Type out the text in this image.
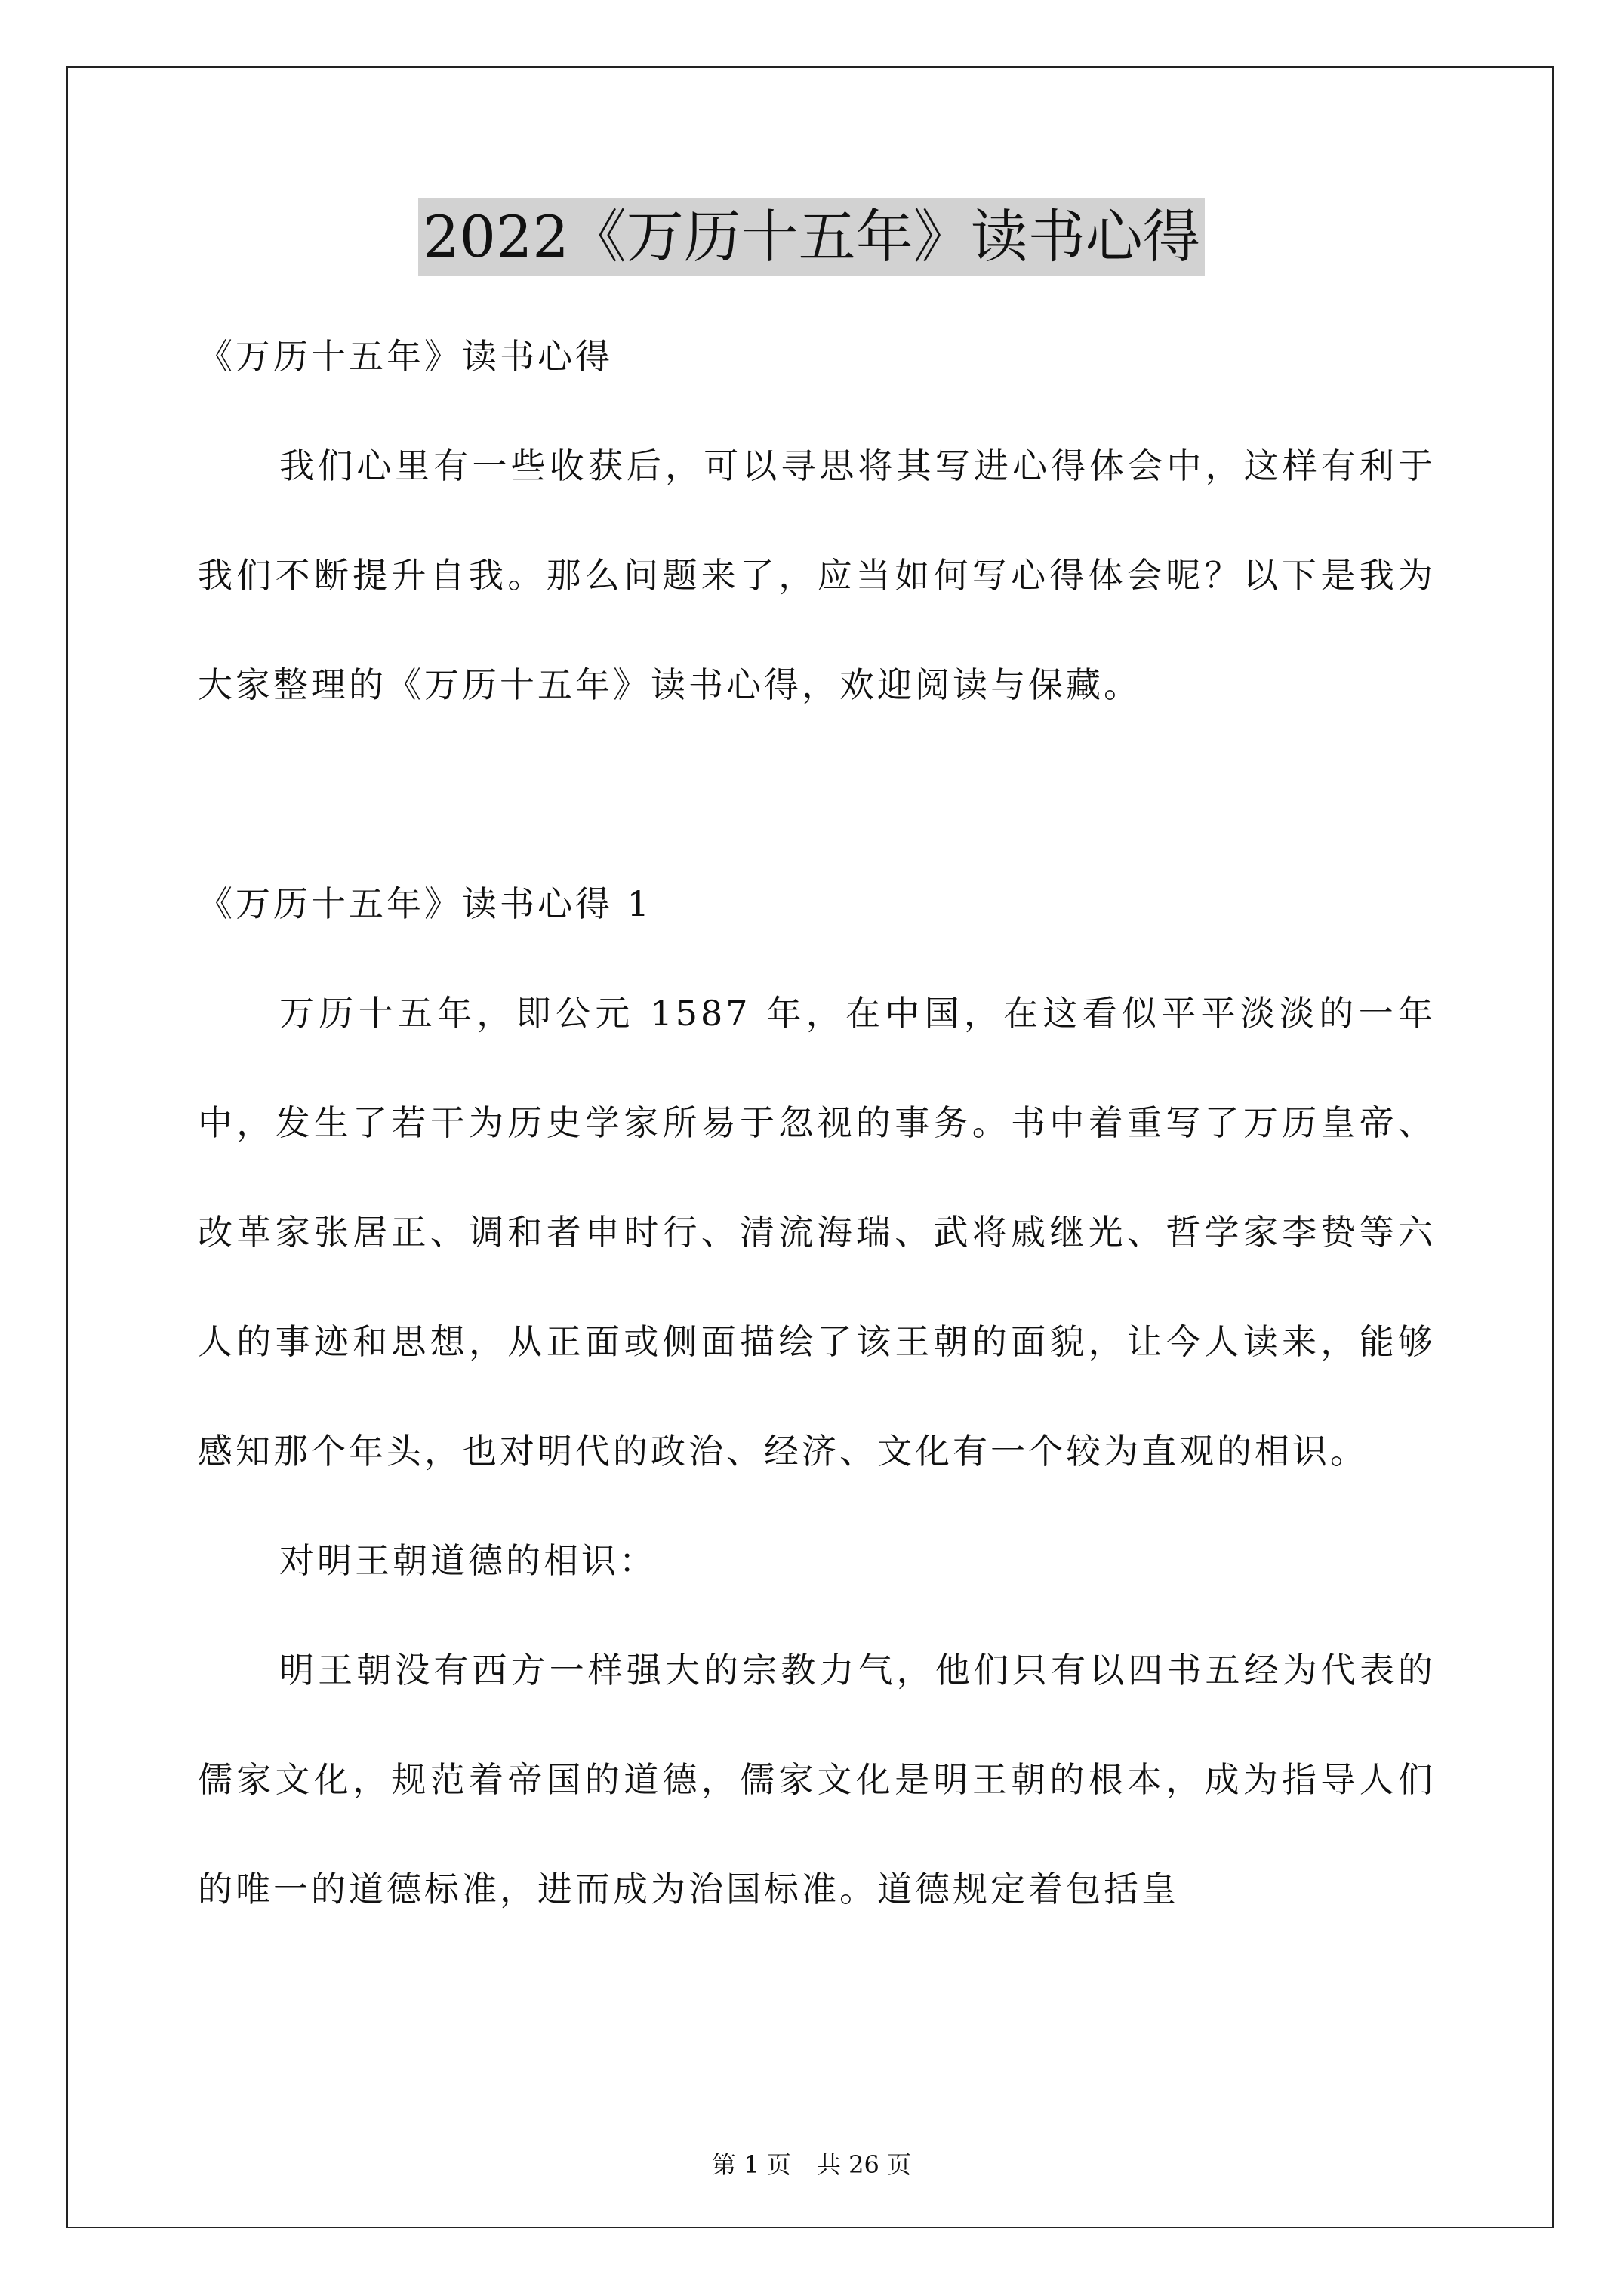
2022《万历十五年》读书心得

《万历十五年》读书心得

我们心里有一些收获后，可以寻思将其写进心得体会中，这样有利于我们不断提升自我。那么问题来了，应当如何写心得体会呢？以下是我为大家整理的《万历十五年》读书心得，欢迎阅读与保藏。

《万历十五年》读书心得 1

万历十五年，即公元 1587 年，在中国，在这看似平平淡淡的一年中，发生了若干为历史学家所易于忽视的事务。书中着重写了万历皇帝、改革家张居正、调和者申时行、清流海瑞、武将戚继光、哲学家李贽等六人的事迹和思想，从正面或侧面描绘了该王朝的面貌，让今人读来，能够感知那个年头，也对明代的政治、经济、文化有一个较为直观的相识。

对明王朝道德的相识：

明王朝没有西方一样强大的宗教力气，他们只有以四书五经为代表的儒家文化，规范着帝国的道德，儒家文化是明王朝的根本，成为指导人们的唯一的道德标准，进而成为治国标准。道德规定着包括皇

第 1 页 共 26 页
